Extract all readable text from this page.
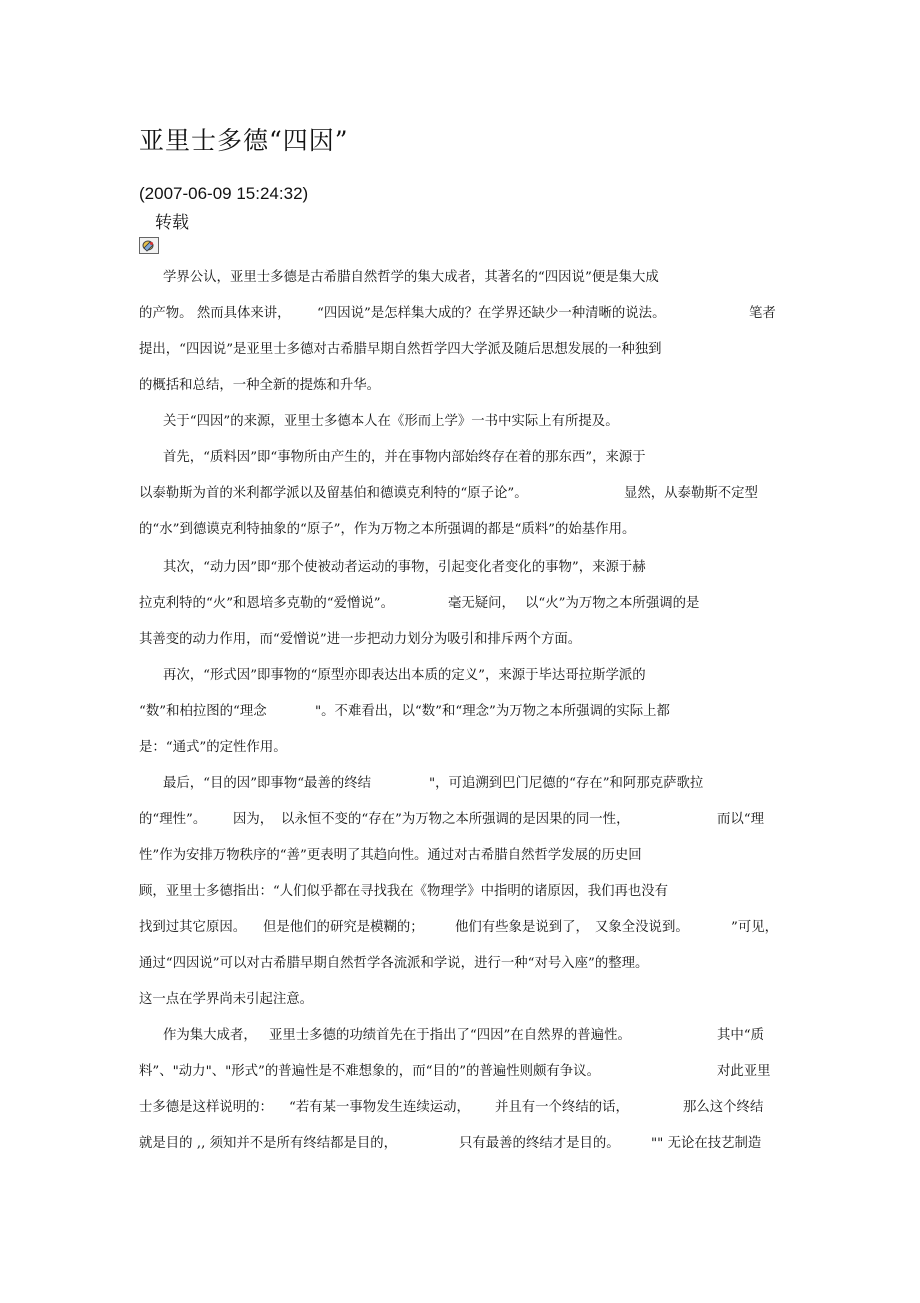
亚里士多德“四因”
(2007-06-09 15:24:32)
转载
学界公认，亚里士多德是古希腊自然哲学的集大成者，其著名的“四因说”便是集大成
的产物。 然而具体来讲， “四因说”是怎样集大成的？在学界还缺少一种清晰的说法。	笔者
提出，“四因说”是亚里士多德对古希腊早期自然哲学四大学派及随后思想发展的一种独到
的概括和总结，一种全新的提炼和升华。
关于“四因”的来源，亚里士多德本人在《形而上学》一书中实际上有所提及。
首先，“质料因”即“事物所由产生的，并在事物内部始终存在着的那东西”，来源于
以泰勒斯为首的米利都学派以及留基伯和德谟克利特的“原子论”。	显然，从泰勒斯不定型
的“水”到德谟克利特抽象的“原子”，作为万物之本所强调的都是“质料”的始基作用。
其次，“动力因”即“那个使被动者运动的事物，引起变化者变化的事物”，来源于赫
拉克利特的“火”和恩培多克勒的“爱憎说”。	毫无疑问， 以“火”为万物之本所强调的是
其善变的动力作用，而“爱憎说”进一步把动力划分为吸引和排斥两个方面。
再次，“形式因”即事物的“原型亦即表达出本质的定义”，来源于毕达哥拉斯学派的
“数”和柏拉图的“理念	"。不难看出，以“数”和“理念”为万物之本所强调的实际上都
是：“通式”的定性作用。
最后，“目的因”即事物“最善的终结	"，可追溯到巴门尼德的“存在”和阿那克萨歌拉
的“理性”。 因为， 以永恒不变的“存在”为万物之本所强调的是因果的同一性，	而以“理
性”作为安排万物秩序的“善”更表明了其趋向性。通过对古希腊自然哲学发展的历史回
顾，亚里士多德指出：“人们似乎都在寻找我在《物理学》中指明的诸原因，我们再也没有
找到过其它原因。 但是他们的研究是模糊的； 他们有些象是说到了， 又象全没说到。	”可见，
通过“四因说”可以对古希腊早期自然哲学各流派和学说，进行一种“对号入座”的整理。
这一点在学界尚未引起注意。
作为集大成者， 亚里士多德的功绩首先在于指出了“四因”在自然界的普遍性。	其中“质
料”、"动力"、"形式”的普遍性是不难想象的，而“目的”的普遍性则颇有争议。	对此亚里
士多德是这样说明的： “若有某一事物发生连续运动， 并且有一个终结的话，	那么这个终结
就是目的 ,, 须知并不是所有终结都是目的，	只有最善的终结才是目的。 "" 无论在技艺制造
